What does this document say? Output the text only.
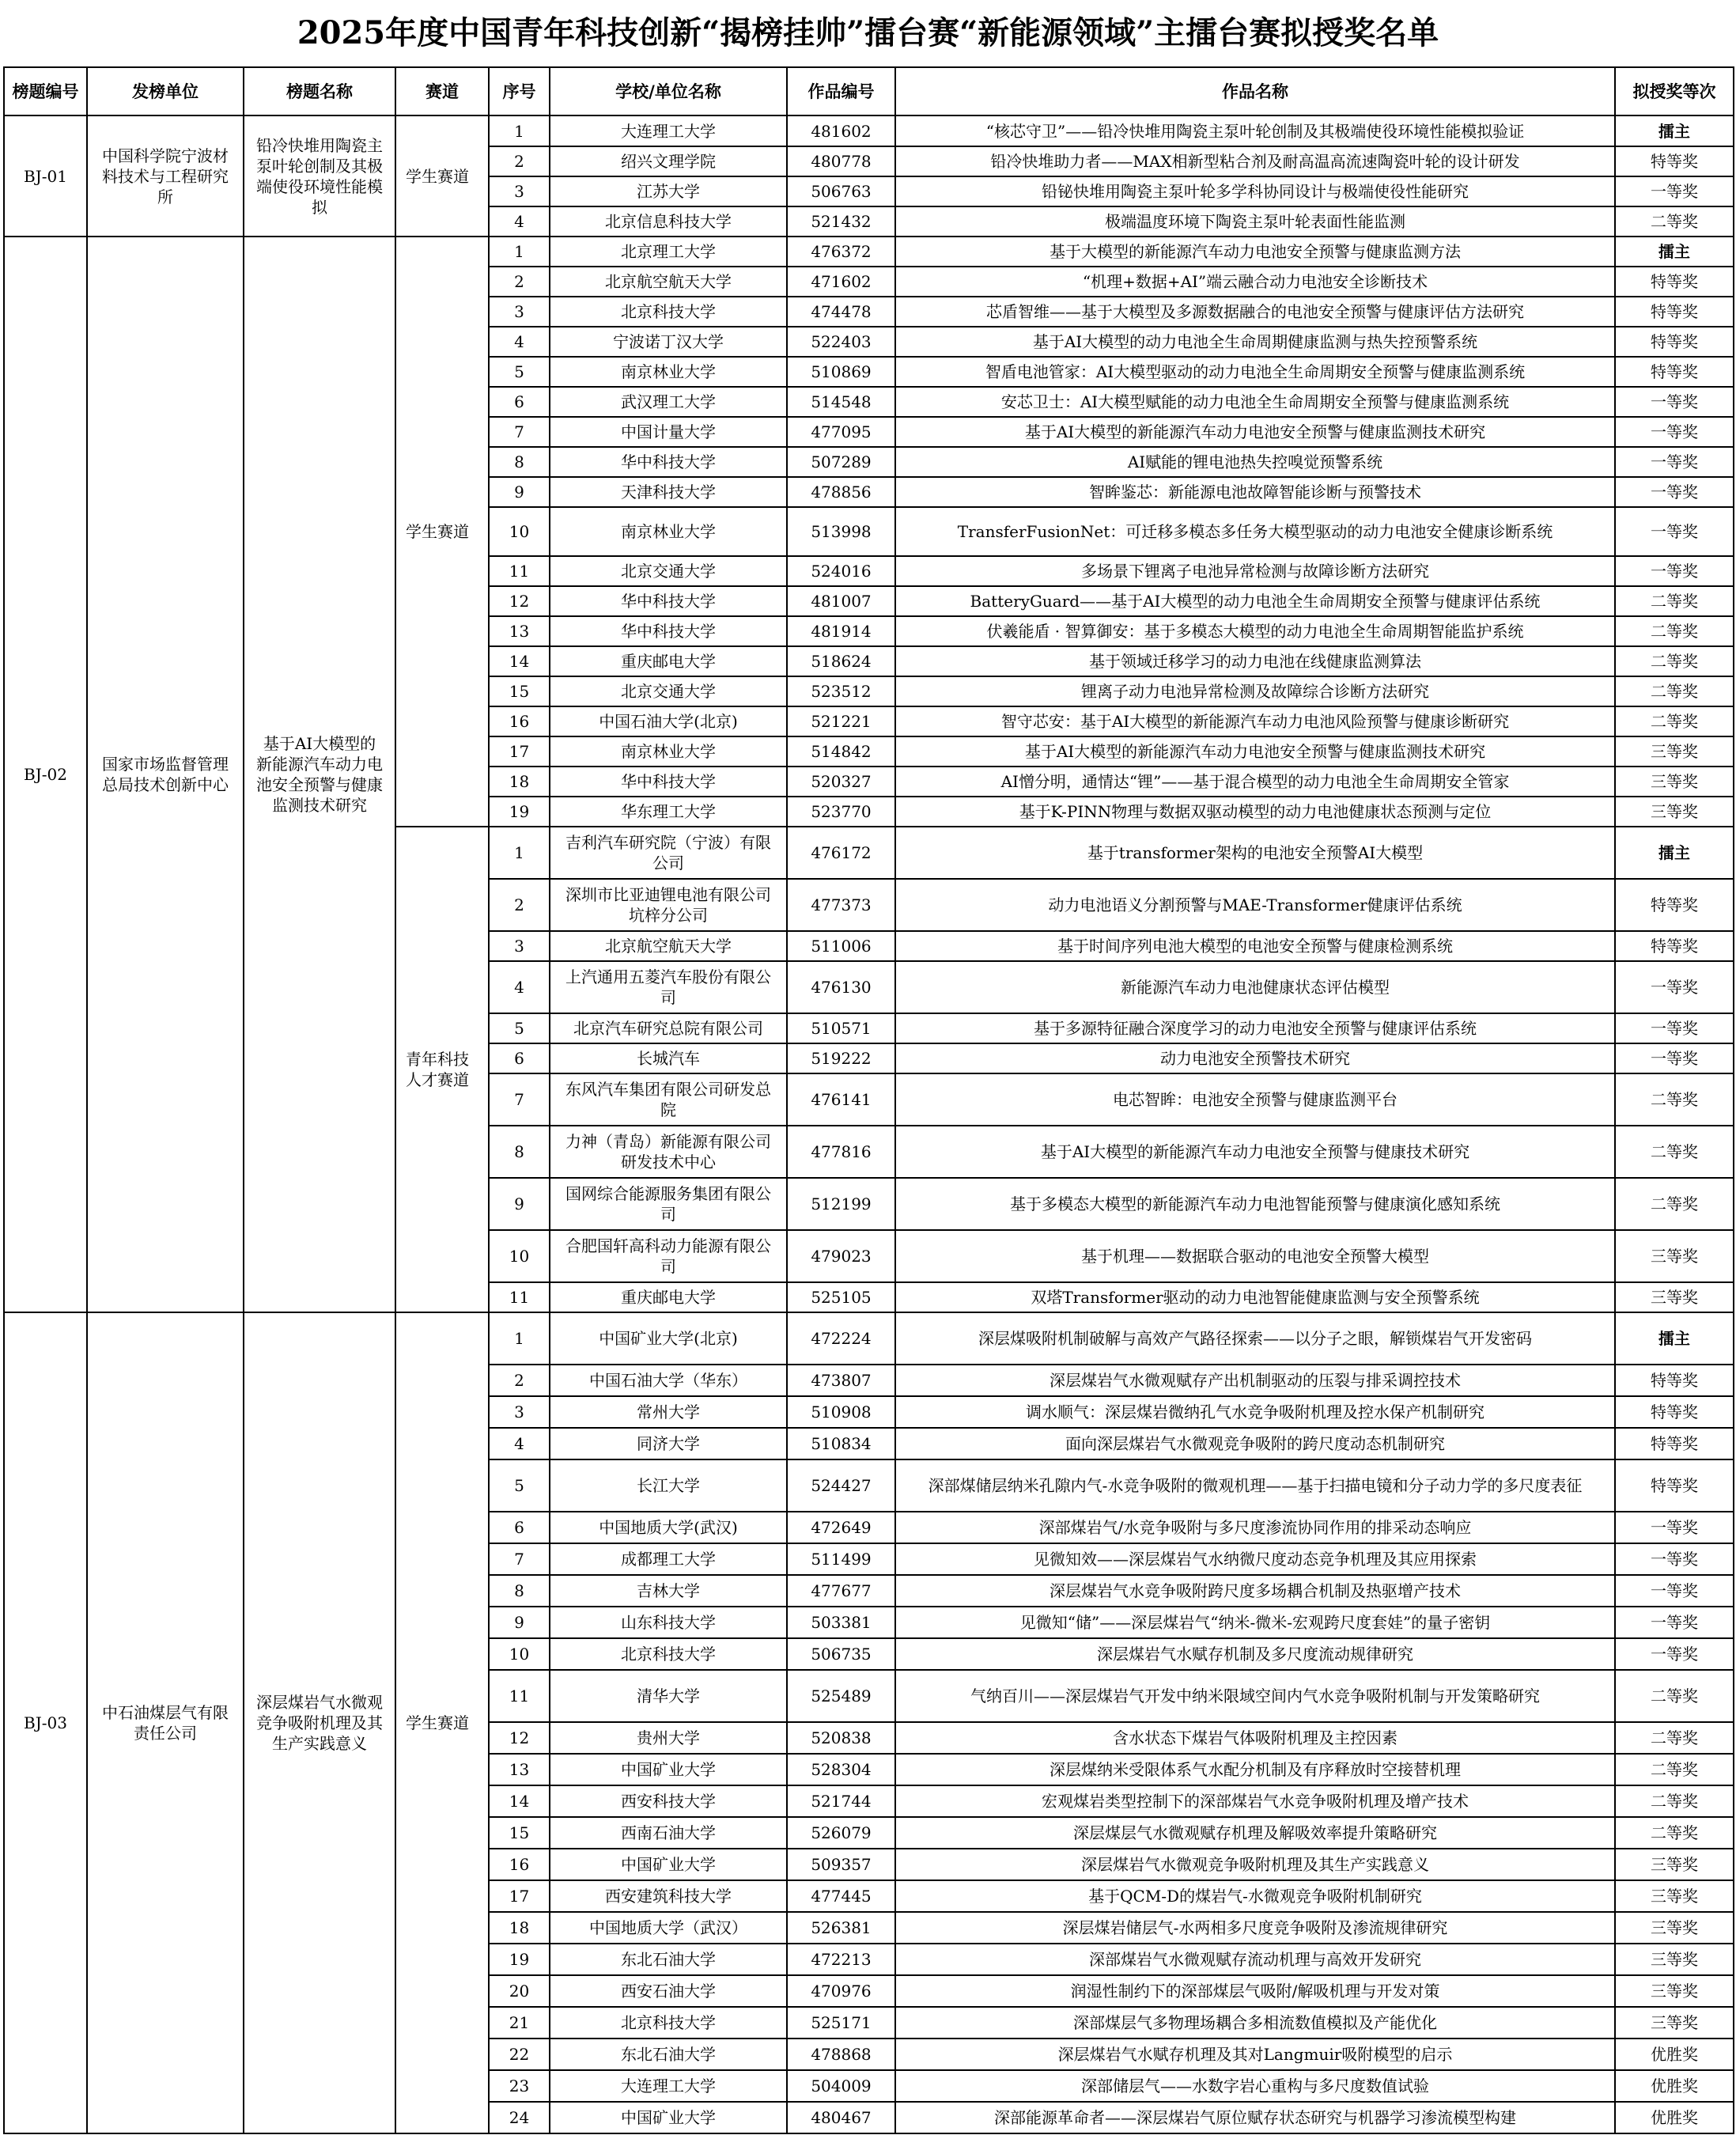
2025年度中国青年科技创新“揭榜挂帅”擂台赛“新能源领域”主擂台赛拟授奖名单
榜题编号	发榜单位	榜题名称	赛道	序号	学校/单位名称	作品编号	作品名称	拟授奖等次
BJ-01	中国科学院宁波材料技术与工程研究所	铅冷快堆用陶瓷主泵叶轮创制及其极端使役环境性能模拟	学生赛道	1	大连理工大学	481602	“核芯守卫”——铅冷快堆用陶瓷主泵叶轮创制及其极端使役环境性能模拟验证	擂主
				2	绍兴文理学院	480778	铅冷快堆助力者——MAX相新型粘合剂及耐高温高流速陶瓷叶轮的设计研发	特等奖
				3	江苏大学	506763	铅铋快堆用陶瓷主泵叶轮多学科协同设计与极端使役性能研究	一等奖
				4	北京信息科技大学	521432	极端温度环境下陶瓷主泵叶轮表面性能监测	二等奖
BJ-02	国家市场监督管理总局技术创新中心	基于AI大模型的新能源汽车动力电池安全预警与健康监测技术研究	学生赛道	1	北京理工大学	476372	基于大模型的新能源汽车动力电池安全预警与健康监测方法	擂主
				2	北京航空航天大学	471602	“机理+数据+AI”端云融合动力电池安全诊断技术	特等奖
				3	北京科技大学	474478	芯盾智维——基于大模型及多源数据融合的电池安全预警与健康评估方法研究	特等奖
				4	宁波诺丁汉大学	522403	基于AI大模型的动力电池全生命周期健康监测与热失控预警系统	特等奖
				5	南京林业大学	510869	智盾电池管家：AI大模型驱动的动力电池全生命周期安全预警与健康监测系统	特等奖
				6	武汉理工大学	514548	安芯卫士：AI大模型赋能的动力电池全生命周期安全预警与健康监测系统	一等奖
				7	中国计量大学	477095	基于AI大模型的新能源汽车动力电池安全预警与健康监测技术研究	一等奖
				8	华中科技大学	507289	AI赋能的锂电池热失控嗅觉预警系统	一等奖
				9	天津科技大学	478856	智眸鉴芯：新能源电池故障智能诊断与预警技术	一等奖
				10	南京林业大学	513998	TransferFusionNet：可迁移多模态多任务大模型驱动的动力电池安全健康诊断系统	一等奖
				11	北京交通大学	524016	多场景下锂离子电池异常检测与故障诊断方法研究	一等奖
				12	华中科技大学	481007	BatteryGuard——基于AI大模型的动力电池全生命周期安全预警与健康评估系统	二等奖
				13	华中科技大学	481914	伏羲能盾 · 智算御安：基于多模态大模型的动力电池全生命周期智能监护系统	二等奖
				14	重庆邮电大学	518624	基于领域迁移学习的动力电池在线健康监测算法	二等奖
				15	北京交通大学	523512	锂离子动力电池异常检测及故障综合诊断方法研究	二等奖
				16	中国石油大学(北京)	521221	智守芯安：基于AI大模型的新能源汽车动力电池风险预警与健康诊断研究	二等奖
				17	南京林业大学	514842	基于AI大模型的新能源汽车动力电池安全预警与健康监测技术研究	三等奖
				18	华中科技大学	520327	AI憎分明，通情达“锂”——基于混合模型的动力电池全生命周期安全管家	三等奖
				19	华东理工大学	523770	基于K-PINN物理与数据双驱动模型的动力电池健康状态预测与定位	三等奖
			青年科技人才赛道	1	吉利汽车研究院（宁波）有限公司	476172	基于transformer架构的电池安全预警AI大模型	擂主
				2	深圳市比亚迪锂电池有限公司坑梓分公司	477373	动力电池语义分割预警与MAE-Transformer健康评估系统	特等奖
				3	北京航空航天大学	511006	基于时间序列电池大模型的电池安全预警与健康检测系统	特等奖
				4	上汽通用五菱汽车股份有限公司	476130	新能源汽车动力电池健康状态评估模型	一等奖
				5	北京汽车研究总院有限公司	510571	基于多源特征融合深度学习的动力电池安全预警与健康评估系统	一等奖
				6	长城汽车	519222	动力电池安全预警技术研究	一等奖
				7	东风汽车集团有限公司研发总院	476141	电芯智眸：电池安全预警与健康监测平台	二等奖
				8	力神（青岛）新能源有限公司研发技术中心	477816	基于AI大模型的新能源汽车动力电池安全预警与健康技术研究	二等奖
				9	国网综合能源服务集团有限公司	512199	基于多模态大模型的新能源汽车动力电池智能预警与健康演化感知系统	二等奖
				10	合肥国轩高科动力能源有限公司	479023	基于机理——数据联合驱动的电池安全预警大模型	三等奖
				11	重庆邮电大学	525105	双塔Transformer驱动的动力电池智能健康监测与安全预警系统	三等奖
BJ-03	中石油煤层气有限责任公司	深层煤岩气水微观竞争吸附机理及其生产实践意义	学生赛道	1	中国矿业大学(北京)	472224	深层煤吸附机制破解与高效产气路径探索——以分子之眼，解锁煤岩气开发密码	擂主
				2	中国石油大学（华东）	473807	深层煤岩气水微观赋存产出机制驱动的压裂与排采调控技术	特等奖
				3	常州大学	510908	调水顺气：深层煤岩微纳孔气水竞争吸附机理及控水保产机制研究	特等奖
				4	同济大学	510834	面向深层煤岩气水微观竞争吸附的跨尺度动态机制研究	特等奖
				5	长江大学	524427	深部煤储层纳米孔隙内气-水竞争吸附的微观机理——基于扫描电镜和分子动力学的多尺度表征	特等奖
				6	中国地质大学(武汉)	472649	深部煤岩气/水竞争吸附与多尺度渗流协同作用的排采动态响应	一等奖
				7	成都理工大学	511499	见微知效——深层煤岩气水纳微尺度动态竞争机理及其应用探索	一等奖
				8	吉林大学	477677	深层煤岩气水竞争吸附跨尺度多场耦合机制及热驱增产技术	一等奖
				9	山东科技大学	503381	见微知“储”——深层煤岩气“纳米-微米-宏观跨尺度套娃”的量子密钥	一等奖
				10	北京科技大学	506735	深层煤岩气水赋存机制及多尺度流动规律研究	一等奖
				11	清华大学	525489	气纳百川——深层煤岩气开发中纳米限域空间内气水竞争吸附机制与开发策略研究	二等奖
				12	贵州大学	520838	含水状态下煤岩气体吸附机理及主控因素	二等奖
				13	中国矿业大学	528304	深层煤纳米受限体系气水配分机制及有序释放时空接替机理	二等奖
				14	西安科技大学	521744	宏观煤岩类型控制下的深部煤岩气水竞争吸附机理及增产技术	二等奖
				15	西南石油大学	526079	深层煤层气水微观赋存机理及解吸效率提升策略研究	二等奖
				16	中国矿业大学	509357	深层煤岩气水微观竞争吸附机理及其生产实践意义	三等奖
				17	西安建筑科技大学	477445	基于QCM-D的煤岩气-水微观竞争吸附机制研究	三等奖
				18	中国地质大学（武汉）	526381	深层煤岩储层气-水两相多尺度竞争吸附及渗流规律研究	三等奖
				19	东北石油大学	472213	深部煤岩气水微观赋存流动机理与高效开发研究	三等奖
				20	西安石油大学	470976	润湿性制约下的深部煤层气吸附/解吸机理与开发对策	三等奖
				21	北京科技大学	525171	深部煤层气多物理场耦合多相流数值模拟及产能优化	三等奖
				22	东北石油大学	478868	深层煤岩气水赋存机理及其对Langmuir吸附模型的启示	优胜奖
				23	大连理工大学	504009	深部储层气——水数字岩心重构与多尺度数值试验	优胜奖
				24	中国矿业大学	480467	深部能源革命者——深层煤岩气原位赋存状态研究与机器学习渗流模型构建	优胜奖
